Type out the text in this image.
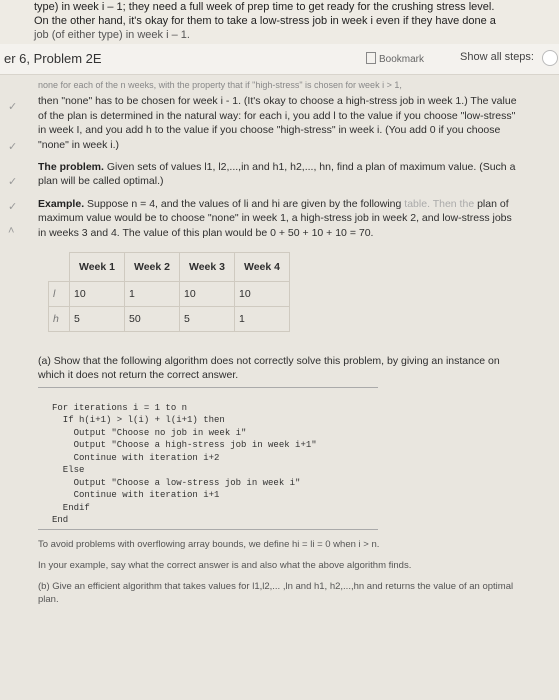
type) in week i – 1; they need a full week of prep time to get ready for the crushing stress level.

On the other hand, it's okay for them to take a low-stress job in week i even if they have done a

job (of either type) in week i – 1.

er 6, Problem 2E	Bookmark	Show all steps:
✓
✓
✓
✓
˄

none for each of the n weeks, with the property that if "high-stress" is chosen for week i > 1,

then "none" has to be chosen for week i - 1. (It's okay to choose a high-stress job in week 1.) The value of the plan is determined in the natural way: for each i, you add l to the value if you choose "low-stress" in week I, and you add h to the value if you choose "high-stress" in week i. (You add 0 if you choose "none" in week i.)

The problem. Given sets of values l1, l2,...,in and h1, h2,..., hn, find a plan of maximum value. (Such a plan will be called optimal.)

Example. Suppose n = 4, and the values of li and hi are given by the following table. Then the plan of maximum value would be to choose "none" in week 1, a high-stress job in week 2, and low-stress jobs in weeks 3 and 4. The value of this plan would be 0 + 50 + 10 + 10 = 70.

	Week 1	Week 2	Week 3	Week 4
l	10	1	10	10
h	5	50	5	1

(a) Show that the following algorithm does not correctly solve this problem, by giving an instance on which it does not return the correct answer.

For iterations i = 1 to n
If h(i+1) > l(i) + l(i+1) then
Output "Choose no job in week i"
Output "Choose a high-stress job in week i+1"
Continue with iteration i+2
Else
Output "Choose a low-stress job in week i"
Continue with iteration i+1
Endif
End

To avoid problems with overflowing array bounds, we define hi = li = 0 when i > n.

In your example, say what the correct answer is and also what the above algorithm finds.

(b) Give an efficient algorithm that takes values for l1,l2,... ,ln and h1, h2,...,hn and returns the value of an optimal plan.
